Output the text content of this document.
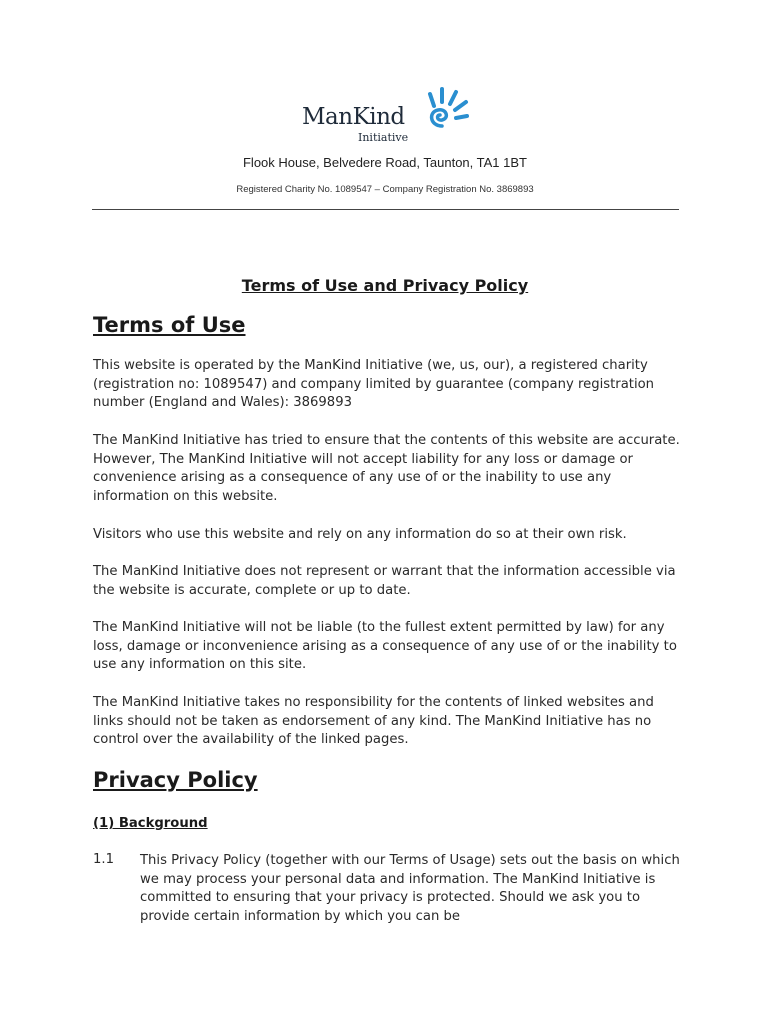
ManKind
Initiative
Flook House, Belvedere Road, Taunton, TA1 1BT
Registered Charity No. 1089547 – Company Registration No. 3869893
Terms of Use and Privacy Policy
Terms of Use

This website is operated by the ManKind Initiative (we, us, our), a registered charity (registration no: 1089547) and company limited by guarantee (company registration number (England and Wales): 3869893

The ManKind Initiative has tried to ensure that the contents of this website are accurate. However, The ManKind Initiative will not accept liability for any loss or damage or convenience arising as a consequence of any use of or the inability to use any information on this website.

Visitors who use this website and rely on any information do so at their own risk.

The ManKind Initiative does not represent or warrant that the information accessible via the website is accurate, complete or up to date.

The ManKind Initiative will not be liable (to the fullest extent permitted by law) for any loss, damage or inconvenience arising as a consequence of any use of or the inability to use any information on this site.

The ManKind Initiative takes no responsibility for the contents of linked websites and links should not be taken as endorsement of any kind. The ManKind Initiative has no control over the availability of the linked pages.

Privacy Policy
(1) Background
1.1 This Privacy Policy (together with our Terms of Usage) sets out the basis on which we may process your personal data and information. The ManKind Initiative is committed to ensuring that your privacy is protected. Should we ask you to provide certain information by which you can be
